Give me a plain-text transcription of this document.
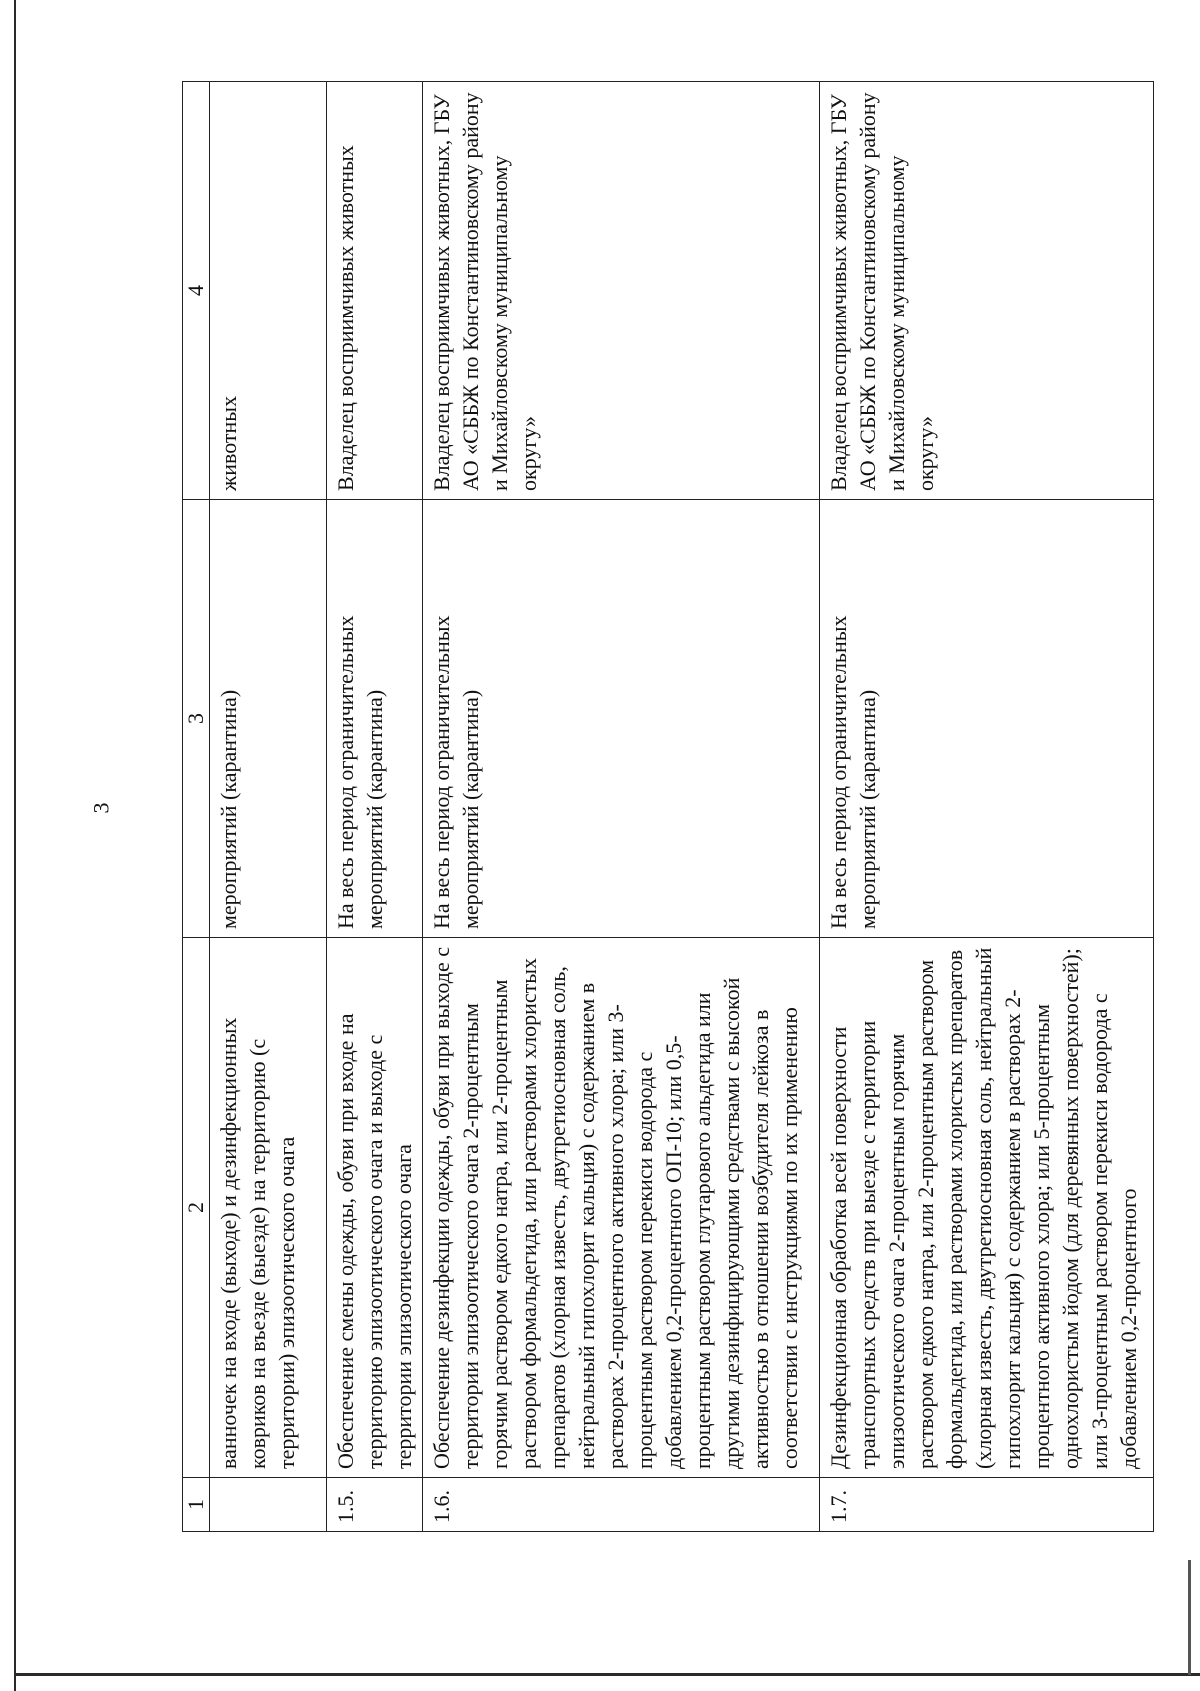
3
1	2	3	4
	ванночек на входе (выходе) и дезинфекционных ковриков на въезде (выезде) на территорию (с территории) эпизоотического очага	мероприятий (карантина)	животных
1.5.	Обеспечение смены одежды, обуви при входе на территорию эпизоотического очага и выходе с территории эпизоотического очага	На весь период ограничительных мероприятий (карантина)	Владелец восприимчивых животных
1.6.	Обеспечение дезинфекции одежды, обуви при выходе с территории эпизоотического очага 2-процентным горячим раствором едкого натра, или 2-процентным раствором формальдегида, или растворами хлористых препаратов (хлорная известь, двутретиосновная соль, нейтральный гипохлорит кальция) с содержанием в растворах 2-процентного активного хлора; или 3-процентным раствором перекиси водорода с добавлением 0,2-процентного ОП-10; или 0,5-процентным раствором глутарового альдегида или другими дезинфицирующими средствами с высокой активностью в отношении возбудителя лейкоза в соответствии с инструкциями по их применению	На весь период ограничительных мероприятий (карантина)	Владелец восприимчивых животных, ГБУ АО «СББЖ по Константиновскому району и Михайловскому муниципальному округу»
1.7.	Дезинфекционная обработка всей поверхности транспортных средств при выезде с территории эпизоотического очага 2-процентным горячим раствором едкого натра, или 2-процентным раствором формальдегида, или растворами хлористых препаратов (хлорная известь, двутретиосновная соль, нейтральный гипохлорит кальция) с содержанием в растворах 2-процентного активного хлора; или 5-процентным однохлористым йодом (для деревянных поверхностей); или 3-процентным раствором перекиси водорода с добавлением 0,2-процентного	На весь период ограничительных мероприятий (карантина)	Владелец восприимчивых животных, ГБУ АО «СББЖ по Константиновскому району и Михайловскому муниципальному округу»
